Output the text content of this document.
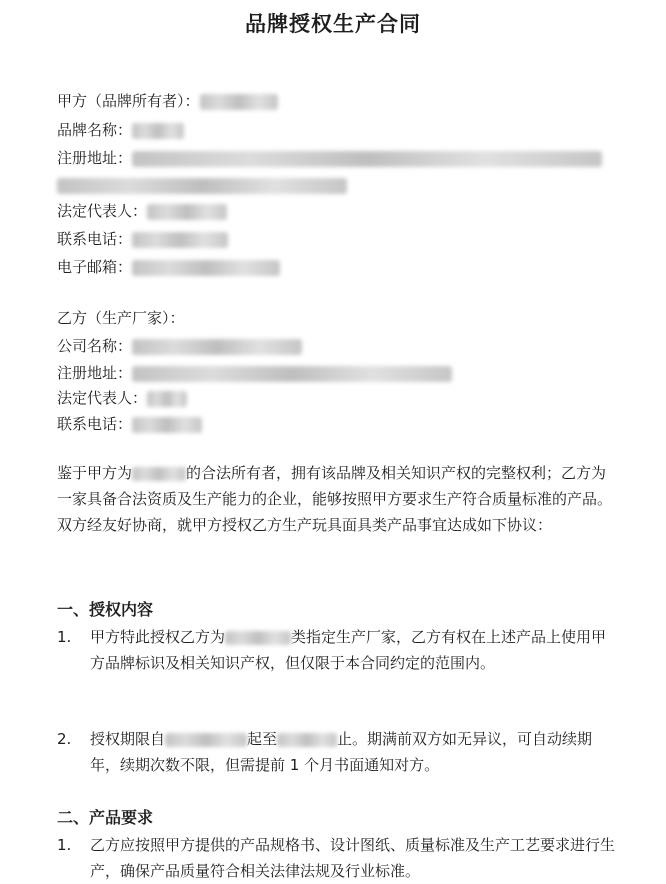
品牌授权生产合同
甲方（品牌所有者）：
品牌名称：
注册地址：
法定代表人：
联系电话：
电子邮箱：
乙方（生产厂家）：
公司名称：
注册地址：
法定代表人：
联系电话：
鉴于甲方为	的合法所有者，拥有该品牌及相关知识产权的完整权利；乙方为一家具备合法资质及生产能力的企业，能够按照甲方要求生产符合质量标准的产品。双方经友好协商，就甲方授权乙方生产玩具面具类产品事宜达成如下协议：
一、授权内容
1.	甲方特此授权乙方为	类指定生产厂家，乙方有权在上述产品上使用甲方品牌标识及相关知识产权，但仅限于本合同约定的范围内。
2.	授权期限自	起至	止。期满前双方如无异议，可自动续期年，续期次数不限，但需提前 1 个月书面通知对方。
二、产品要求
1.	乙方应按照甲方提供的产品规格书、设计图纸、质量标准及生产工艺要求进行生产，确保产品质量符合相关法律法规及行业标准。
